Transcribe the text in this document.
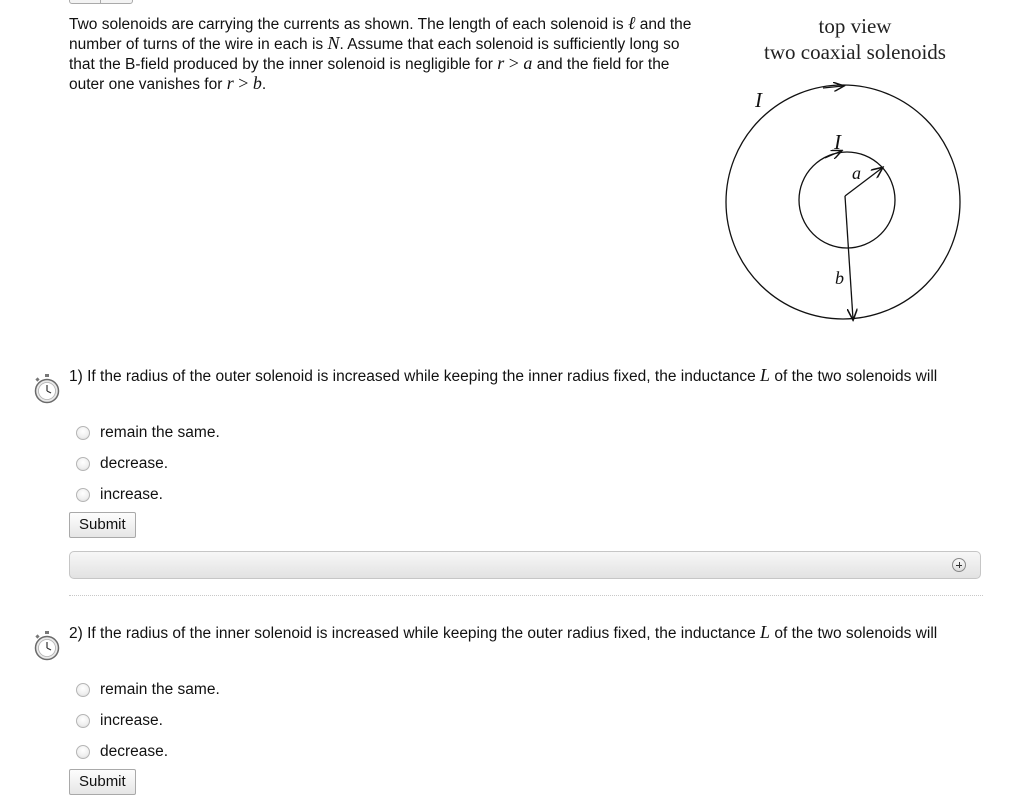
Two solenoids are carrying the currents as shown. The length of each solenoid is ℓ and the number of turns of the wire in each is N. Assume that each solenoid is sufficiently long so that the B-field produced by the inner solenoid is negligible for r > a and the field for the outer one vanishes for r > b.
top view
two coaxial solenoids
I
I
a
b
1) If the radius of the outer solenoid is increased while keeping the inner radius fixed, the inductance L of the two solenoids will
remain the same.
decrease.
increase.
Submit
2) If the radius of the inner solenoid is increased while keeping the outer radius fixed, the inductance L of the two solenoids will
remain the same.
increase.
decrease.
Submit
